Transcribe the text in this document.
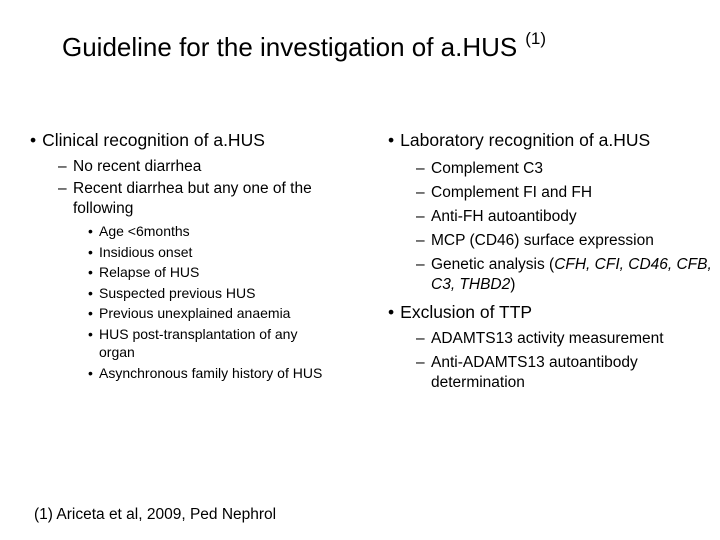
Guideline for the investigation of a.HUS $^{(1)}$
• Clinical recognition of a.HUS
– No recent diarrhea
– Recent diarrhea but any one of the following
• Age <6months
• Insidious onset
• Relapse of HUS
• Suspected previous HUS
• Previous unexplained anaemia
• HUS post-transplantation of any organ
• Asynchronous family history of HUS
• Laboratory recognition of a.HUS
– Complement C3
– Complement FI and FH
– Anti-FH autoantibody
– MCP (CD46) surface expression
– Genetic analysis (CFH, CFI, CD46, CFB, C3, THBD2)
• Exclusion of TTP
– ADAMTS13 activity measurement
– Anti-ADAMTS13 autoantibody determination
(1) Ariceta et al, 2009, Ped Nephrol
